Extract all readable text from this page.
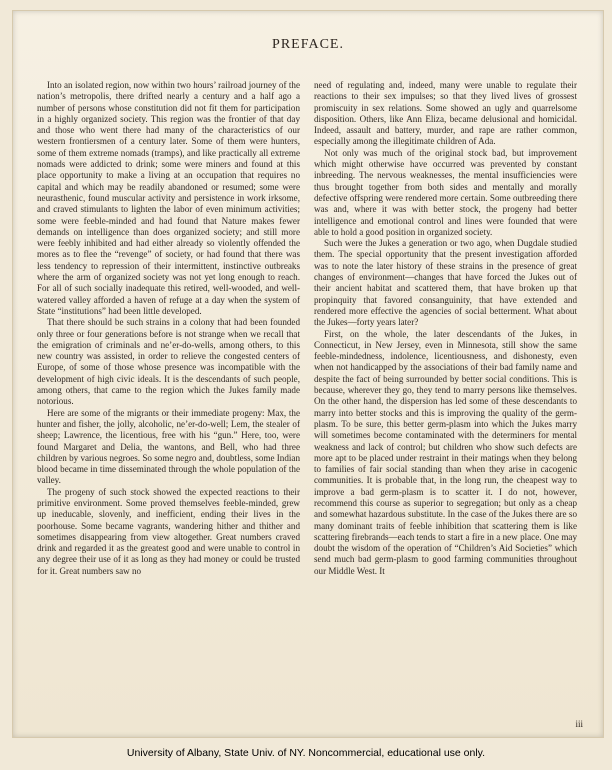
PREFACE.

Into an isolated region, now within two hours’ railroad journey of the nation’s metropolis, there drifted nearly a century and a half ago a number of persons whose constitution did not fit them for participation in a highly organized society. This region was the frontier of that day and those who went there had many of the characteristics of our western frontiersmen of a century later. Some of them were hunters, some of them extreme nomads (tramps), and like practically all extreme nomads were addicted to drink; some were miners and found at this place opportunity to make a living at an occupation that requires no capital and which may be readily abandoned or resumed; some were neurasthenic, found muscular activity and persistence in work irksome, and craved stimulants to lighten the labor of even minimum activities; some were feeble-minded and had found that Nature makes fewer demands on intelligence than does organized society; and still more were feebly inhibited and had either already so violently offended the mores as to flee the “revenge” of society, or had found that there was less tendency to repression of their intermittent, instinctive outbreaks where the arm of organized society was not yet long enough to reach. For all of such socially inadequate this retired, well-wooded, and well-watered valley afforded a haven of refuge at a day when the system of State “institutions” had been little developed.

That there should be such strains in a colony that had been founded only three or four generations before is not strange when we recall that the emigration of criminals and ne’er-do-wells, among others, to this new country was assisted, in order to relieve the congested centers of Europe, of some of those whose presence was incompatible with the development of high civic ideals. It is the descendants of such people, among others, that came to the region which the Jukes family made notorious.

Here are some of the migrants or their immediate progeny: Max, the hunter and fisher, the jolly, alcoholic, ne’er-do-well; Lem, the stealer of sheep; Lawrence, the licentious, free with his “gun.” Here, too, were found Margaret and Delia, the wantons, and Bell, who had three children by various negroes. So some negro and, doubtless, some Indian blood became in time disseminated through the whole population of the valley.

The progeny of such stock showed the expected reactions to their primitive environment. Some proved themselves feeble-minded, grew up ineducable, slovenly, and inefficient, ending their lives in the poorhouse. Some became vagrants, wandering hither and thither and sometimes disappearing from view altogether. Great numbers craved drink and regarded it as the greatest good and were unable to control in any degree their use of it as long as they had money or could be trusted for it. Great numbers saw no

need of regulating and, indeed, many were unable to regulate their reactions to their sex impulses; so that they lived lives of grossest promiscuity in sex relations. Some showed an ugly and quarrelsome disposition. Others, like Ann Eliza, became delusional and homicidal. Indeed, assault and battery, murder, and rape are rather common, especially among the illegitimate children of Ada.

Not only was much of the original stock bad, but improvement which might otherwise have occurred was prevented by constant inbreeding. The nervous weaknesses, the mental insufficiencies were thus brought together from both sides and mentally and morally defective offspring were rendered more certain. Some outbreeding there was and, where it was with better stock, the progeny had better intelligence and emotional control and lines were founded that were able to hold a good position in organized society.

Such were the Jukes a generation or two ago, when Dugdale studied them. The special opportunity that the present investigation afforded was to note the later history of these strains in the presence of great changes of environment—changes that have forced the Jukes out of their ancient habitat and scattered them, that have broken up that propinquity that favored consanguinity, that have extended and rendered more effective the agencies of social betterment. What about the Jukes—forty years later?

First, on the whole, the later descendants of the Jukes, in Connecticut, in New Jersey, even in Minnesota, still show the same feeble-mindedness, indolence, licentiousness, and dishonesty, even when not handicapped by the associations of their bad family name and despite the fact of being surrounded by better social conditions. This is because, wherever they go, they tend to marry persons like themselves. On the other hand, the dispersion has led some of these descendants to marry into better stocks and this is improving the quality of the germ-plasm. To be sure, this better germ-plasm into which the Jukes marry will sometimes become contaminated with the determiners for mental weakness and lack of control; but children who show such defects are more apt to be placed under restraint in their matings when they belong to families of fair social standing than when they arise in cacogenic communities. It is probable that, in the long run, the cheapest way to improve a bad germ-plasm is to scatter it. I do not, however, recommend this course as superior to segregation; but only as a cheap and somewhat hazardous substitute. In the case of the Jukes there are so many dominant traits of feeble inhibition that scattering them is like scattering firebrands—each tends to start a fire in a new place. One may doubt the wisdom of the operation of “Children’s Aid Societies” which send much bad germ-plasm to good farming communities throughout our Middle West. It

iii
University of Albany, State Univ. of NY. Noncommercial, educational use only.
